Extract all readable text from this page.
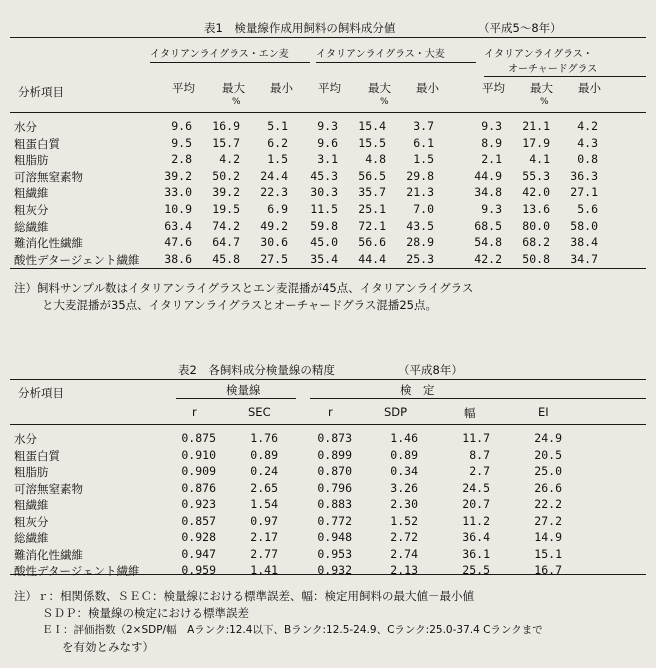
表1　検量線作成用飼料の飼料成分値	（平成5～8年）
イタリアンライグラス・エン麦	イタリアンライグラス・大麦	イタリアンライグラス・
オーチャードグラス
分析項目	平均 最大 最小 平均 最大 最小	平均 最大 最小
%	%	%
水分	9.6	16.9	5.1	9.3	15.4	3.7	9.3	21.1	4.2
粗蛋白質	9.5	15.7	6.2	9.6	15.5	6.1	8.9	17.9	4.3
粗脂肪	2.8	4.2	1.5	3.1	4.8	1.5	2.1	4.1	0.8
可溶無窒素物	39.2	50.2	24.4	45.3	56.5	29.8	44.9	55.3	36.3
粗繊維	33.0	39.2	22.3	30.3	35.7	21.3	34.8	42.0	27.1
粗灰分	10.9	19.5	6.9	11.5	25.1	7.0	9.3	13.6	5.6
総繊維	63.4	74.2	49.2	59.8	72.1	43.5	68.5	80.0	58.0
難消化性繊維	47.6	64.7	30.6	45.0	56.6	28.9	54.8	68.2	38.4
酸性デタージェント繊維	38.6	45.8	27.5	35.4	44.4	25.3	42.2	50.8	34.7
注）飼料サンプル数はイタリアンライグラスとエン麦混播が45点、イタリアンライグラス
と大麦混播が35点、イタリアンライグラスとオーチャードグラス混播25点。
表2　各飼料成分検量線の精度	（平成8年）
分析項目	検量線	検　定
r	SEC	r	SDP	幅	EI
水分	0.875	1.76	0.873	1.46	11.7	24.9
粗蛋白質	0.910	0.89	0.899	0.89	8.7	20.5
粗脂肪	0.909	0.24	0.870	0.34	2.7	25.0
可溶無窒素物	0.876	2.65	0.796	3.26	24.5	26.6
粗繊維	0.923	1.54	0.883	2.30	20.7	22.2
粗灰分	0.857	0.97	0.772	1.52	11.2	27.2
総繊維	0.928	2.17	0.948	2.72	36.4	14.9
難消化性繊維	0.947	2.77	0.953	2.74	36.1	15.1
酸性デタージェント繊維	0.959	1.41	0.932	2.13	25.5	16.7
注）ｒ：相関係数、ＳＥＣ：検量線における標準誤差、幅：検定用飼料の最大値－最小値
ＳＤＰ：検量線の検定における標準誤差
ＥＩ：評価指数（2×SDP/幅　Aランク:12.4以下、Bランク:12.5-24.9、Cランク:25.0-37.4 Cランクまで
を有効とみなす）
